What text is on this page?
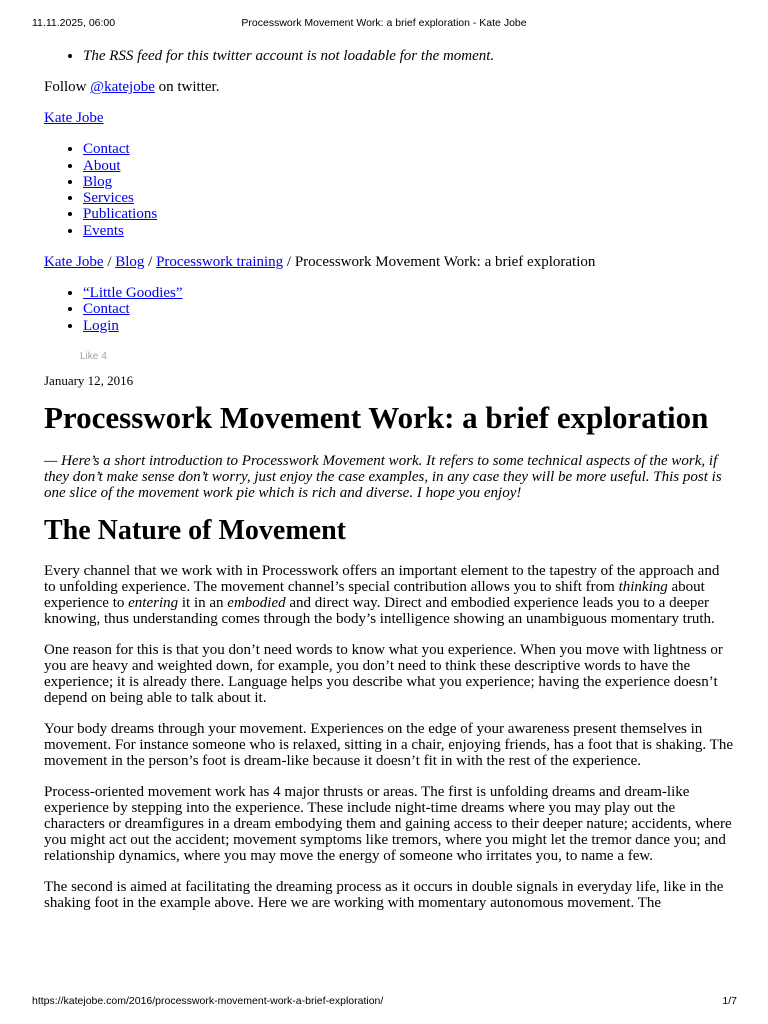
11.11.2025, 06:00	Processwork Movement Work: a brief exploration - Kate Jobe
• The RSS feed for this twitter account is not loadable for the moment.

Follow @katejobe on twitter.

Kate Jobe

• Contact
• About
• Blog
• Services
• Publications
• Events

Kate Jobe / Blog / Processwork training / Processwork Movement Work: a brief exploration

• “Little Goodies”
• Contact
• Login
Like 4

January 12, 2016

Processwork Movement Work: a brief exploration

— Here’s a short introduction to Processwork Movement work. It refers to some technical aspects of the work, if they don’t make sense don’t worry, just enjoy the case examples, in any case they will be more useful. This post is one slice of the movement work pie which is rich and diverse. I hope you enjoy!

The Nature of Movement

Every channel that we work with in Processwork offers an important element to the tapestry of the approach and to unfolding experience. The movement channel’s special contribution allows you to shift from thinking about experience to entering it in an embodied and direct way. Direct and embodied experience leads you to a deeper knowing, thus understanding comes through the body’s intelligence showing an unambiguous momentary truth.

One reason for this is that you don’t need words to know what you experience. When you move with lightness or you are heavy and weighted down, for example, you don’t need to think these descriptive words to have the experience; it is already there. Language helps you describe what you experience; having the experience doesn’t depend on being able to talk about it.

Your body dreams through your movement. Experiences on the edge of your awareness present themselves in movement. For instance someone who is relaxed, sitting in a chair, enjoying friends, has a foot that is shaking. The movement in the person’s foot is dream-like because it doesn’t fit in with the rest of the experience.

Process-oriented movement work has 4 major thrusts or areas. The first is unfolding dreams and dream-like experience by stepping into the experience. These include night-time dreams where you may play out the characters or dreamfigures in a dream embodying them and gaining access to their deeper nature; accidents, where you might act out the accident; movement symptoms like tremors, where you might let the tremor dance you; and relationship dynamics, where you may move the energy of someone who irritates you, to name a few.

The second is aimed at facilitating the dreaming process as it occurs in double signals in everyday life, like in the shaking foot in the example above. Here we are working with momentary autonomous movement. The

https://katejobe.com/2016/processwork-movement-work-a-brief-exploration/	1/7
